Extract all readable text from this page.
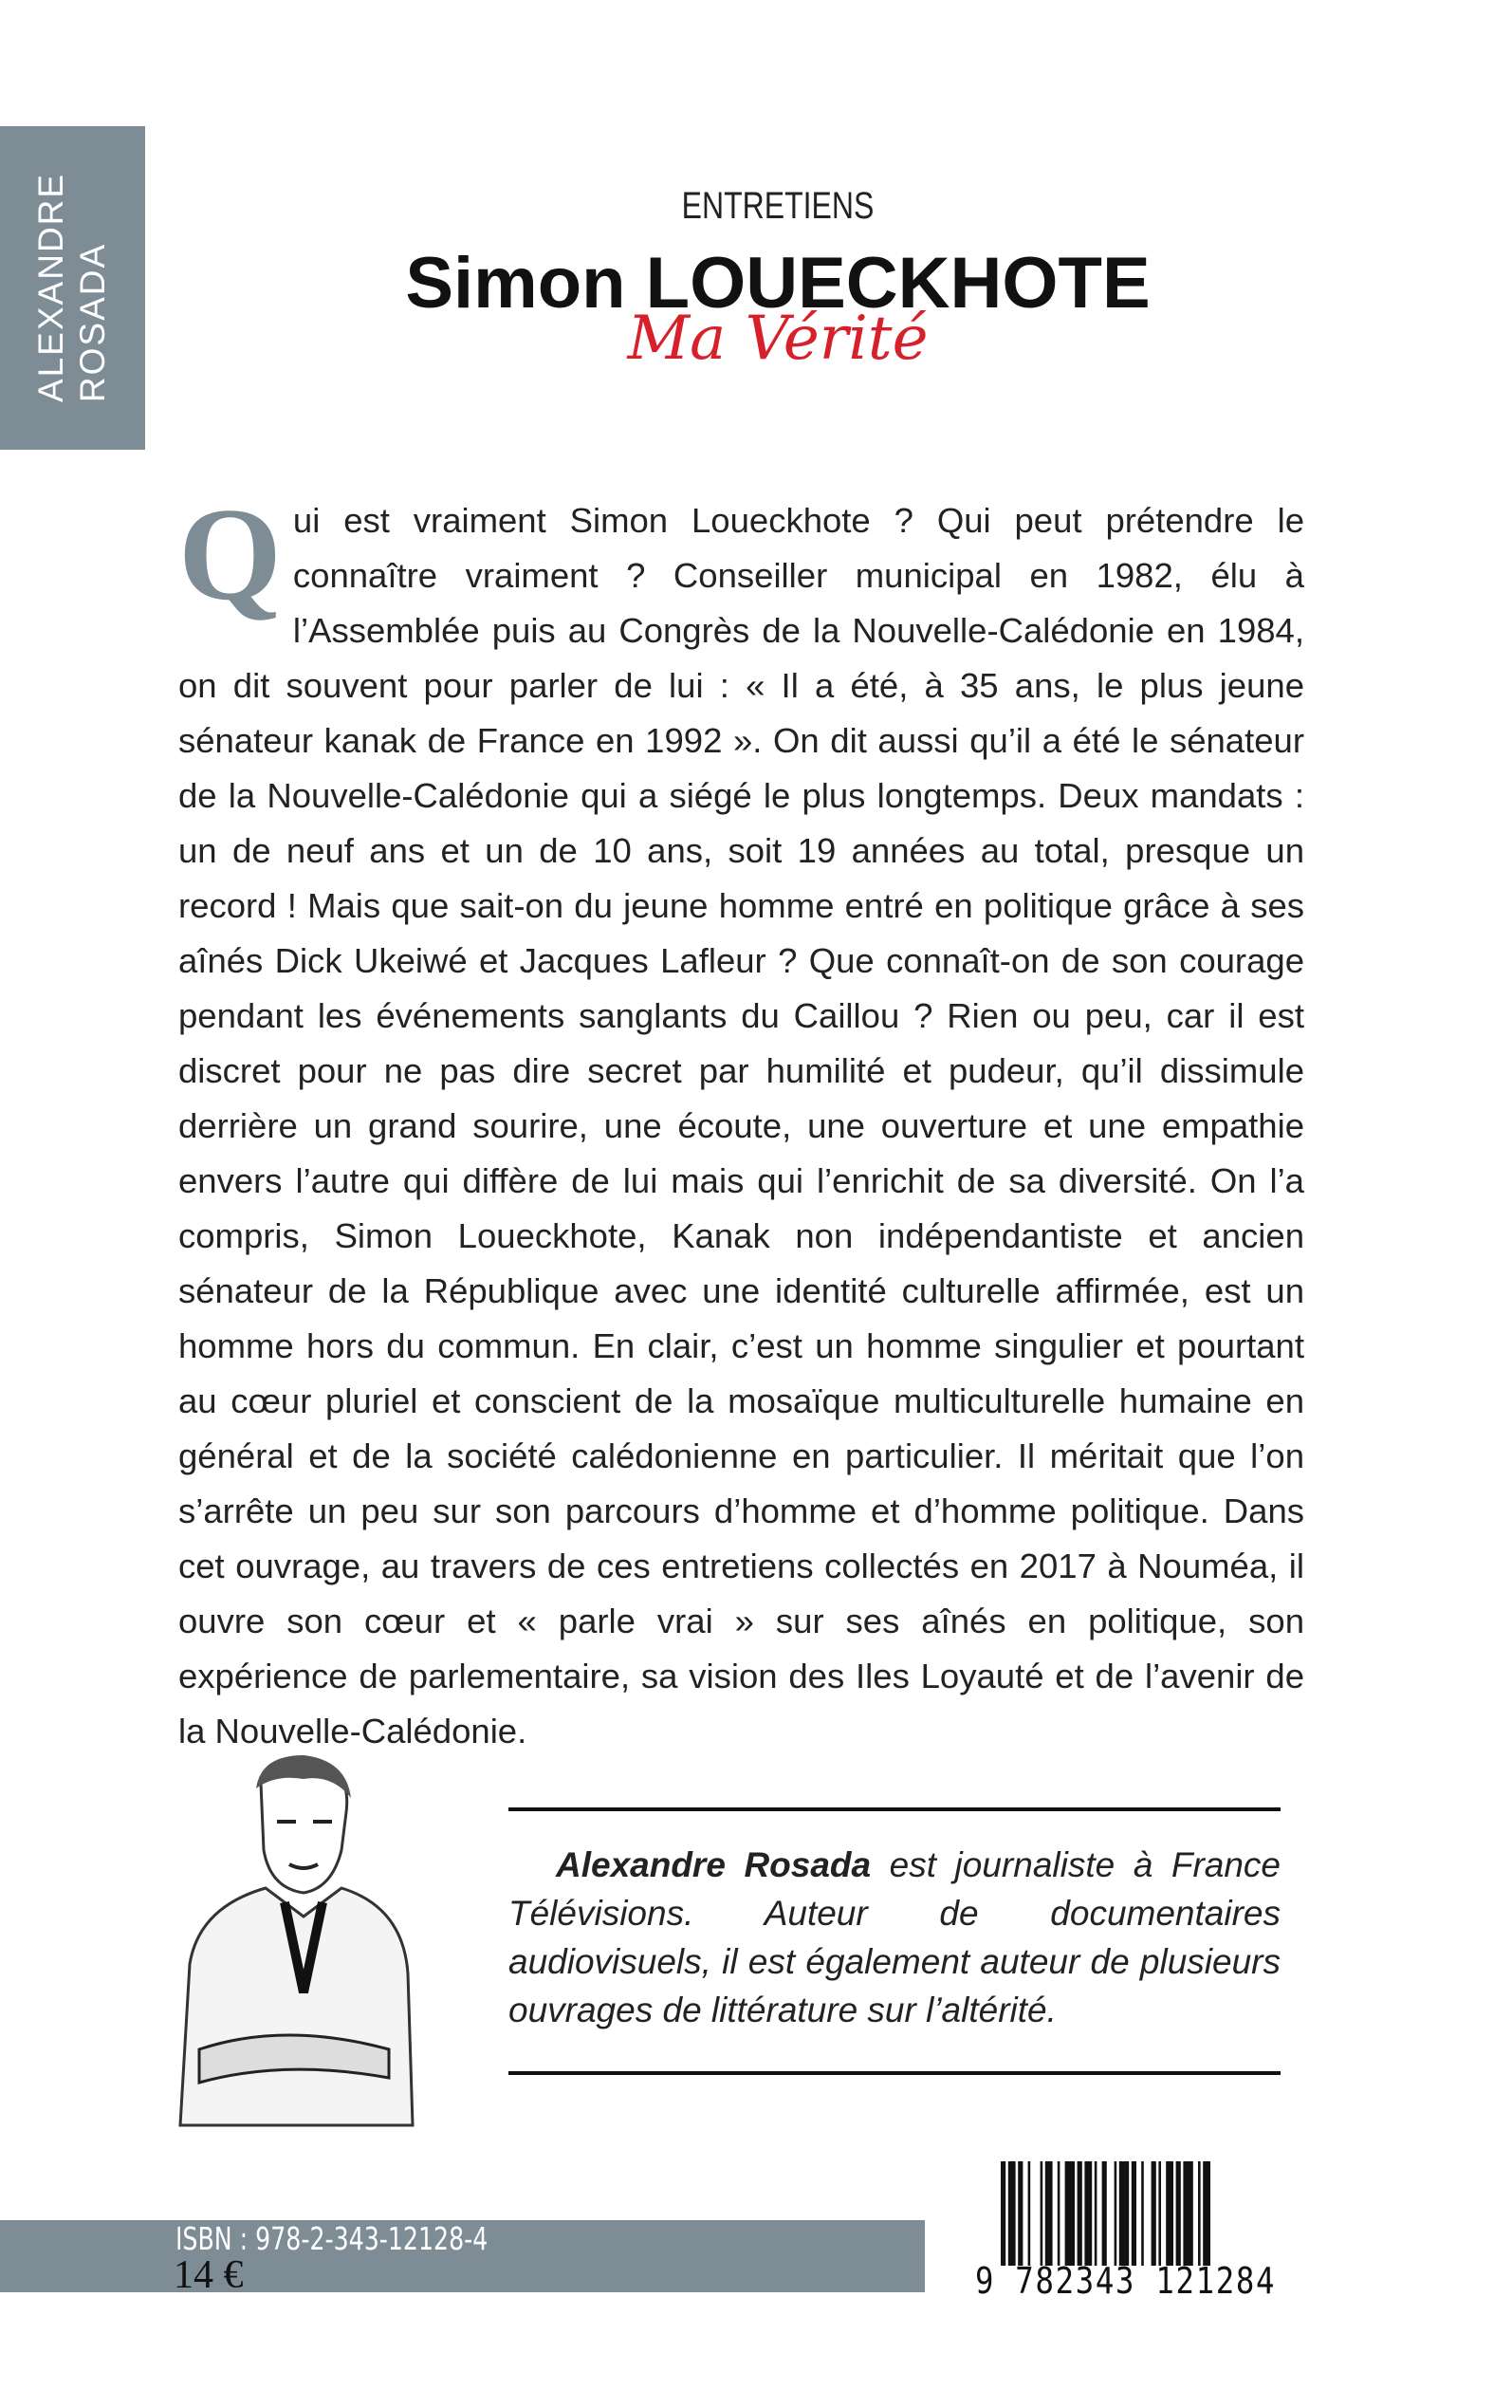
ALEXANDRE ROSADA
ENTRETIENS
Simon LOUECKHOTE
Ma Vérité
Qui est vraiment Simon Loueckhote ? Qui peut prétendre le connaître vraiment ? Conseiller municipal en 1982, élu à l’Assemblée puis au Congrès de la Nouvelle-Calédonie en 1984, on dit souvent pour parler de lui : « Il a été, à 35 ans, le plus jeune sénateur kanak de France en 1992 ». On dit aussi qu’il a été le sénateur de la Nouvelle-Calédonie qui a siégé le plus longtemps. Deux mandats : un de neuf ans et un de 10 ans, soit 19 années au total, presque un record ! Mais que sait-on du jeune homme entré en politique grâce à ses aînés Dick Ukeiwé et Jacques Lafleur ? Que connaît-on de son courage pendant les événements sanglants du Caillou ? Rien ou peu, car il est discret pour ne pas dire secret par humilité et pudeur, qu’il dissimule derrière un grand sourire, une écoute, une ouverture et une empathie envers l’autre qui diffère de lui mais qui l’enrichit de sa diversité. On l’a compris, Simon Loueckhote, Kanak non indépendantiste et ancien sénateur de la République avec une identité culturelle affirmée, est un homme hors du commun. En clair, c’est un homme singulier et pourtant au cœur pluriel et conscient de la mosaïque multiculturelle humaine en général et de la société calédonienne en particulier. Il méritait que l’on s’arrête un peu sur son parcours d’homme et d’homme politique. Dans cet ouvrage, au travers de ces entretiens collectés en 2017 à Nouméa, il ouvre son cœur et « parle vrai » sur ses aînés en politique, son expérience de parlementaire, sa vision des Iles Loyauté et de l’avenir de la Nouvelle-Calédonie.
Alexandre Rosada est journaliste à France Télévisions. Auteur de documentaires audiovisuels, il est également auteur de plusieurs ouvrages de littérature sur l’altérité.
ISBN : 978-2-343-12128-4
14 €	9 782343 121284
